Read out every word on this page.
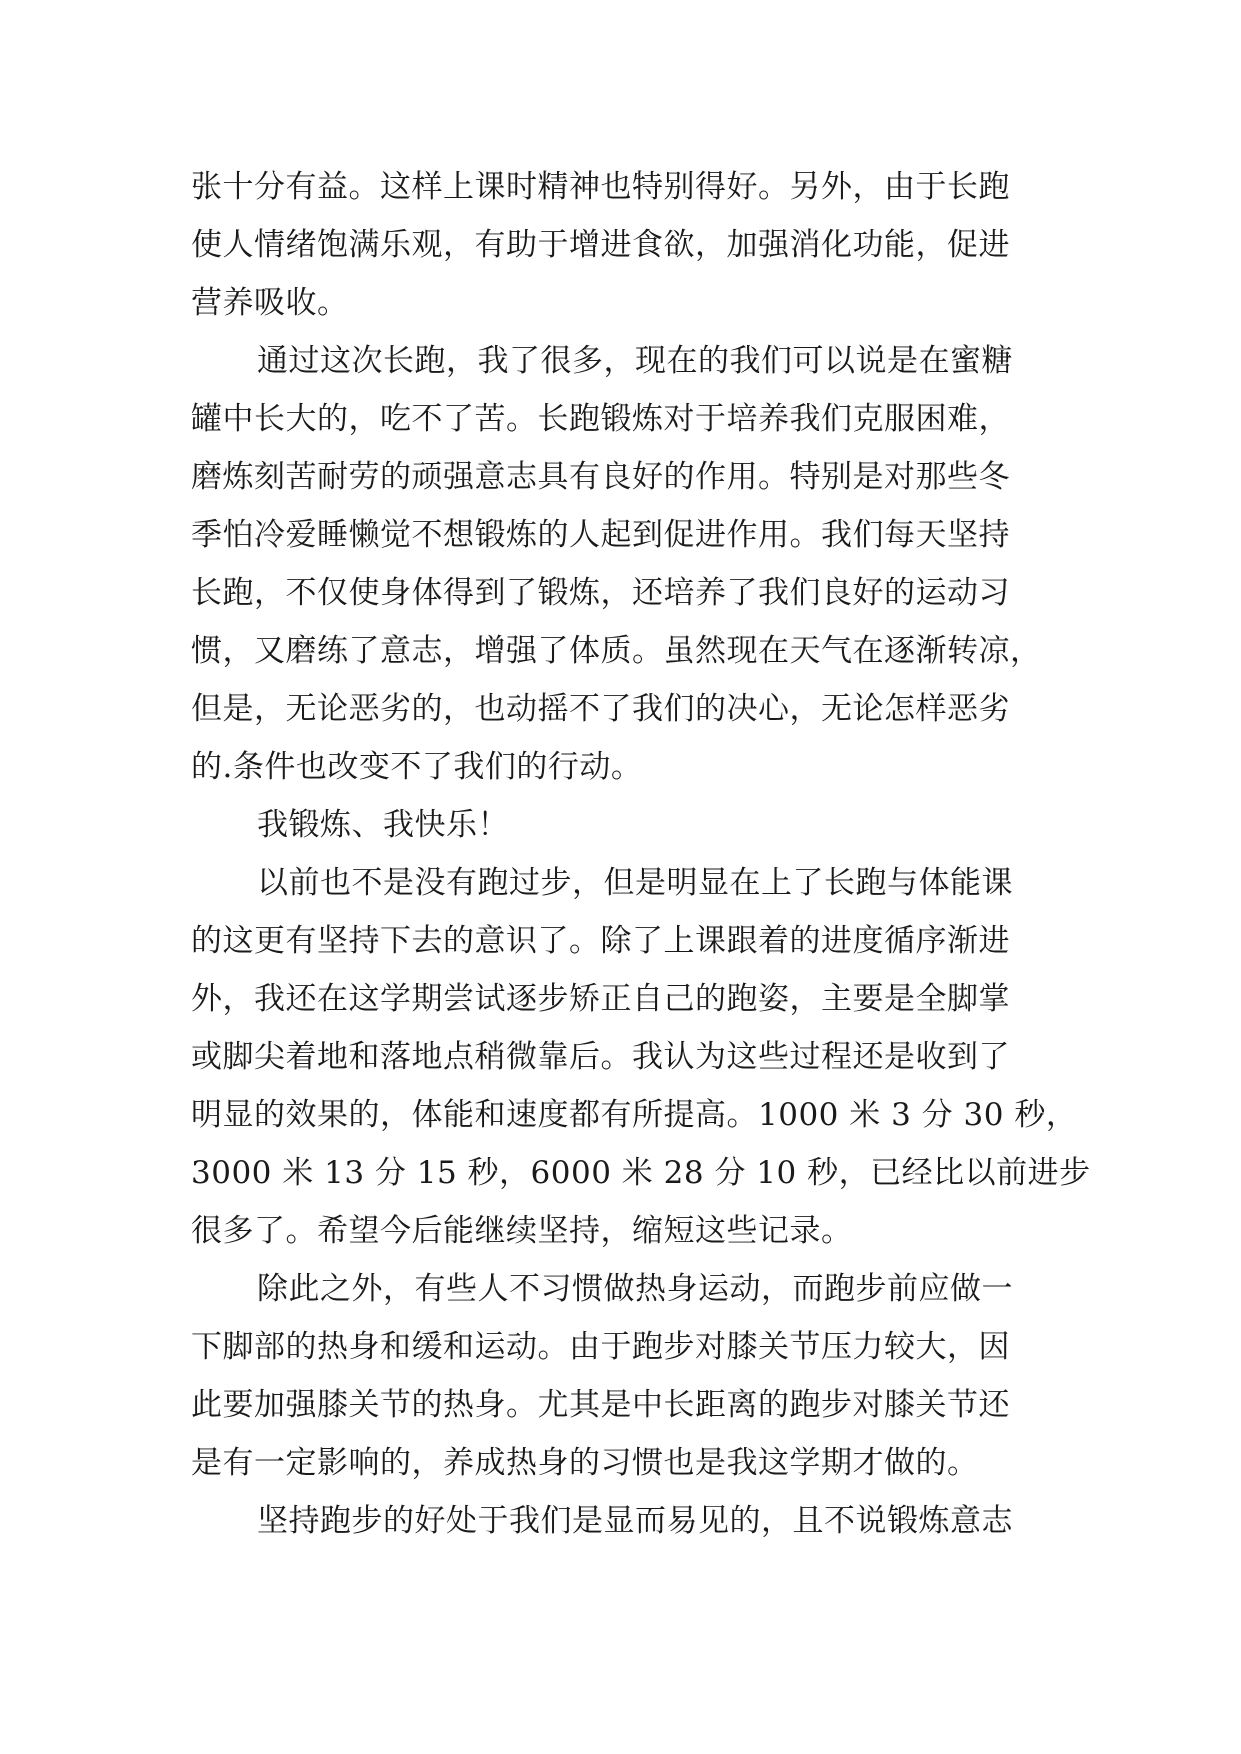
张十分有益。这样上课时精神也特别得好。另外，由于长跑
使人情绪饱满乐观，有助于增进食欲，加强消化功能，促进
营养吸收。
通过这次长跑，我了很多，现在的我们可以说是在蜜糖
罐中长大的，吃不了苦。长跑锻炼对于培养我们克服困难，
磨炼刻苦耐劳的顽强意志具有良好的作用。特别是对那些冬
季怕冷爱睡懒觉不想锻炼的人起到促进作用。我们每天坚持
长跑，不仅使身体得到了锻炼，还培养了我们良好的运动习
惯，又磨练了意志，增强了体质。虽然现在天气在逐渐转凉，
但是，无论恶劣的，也动摇不了我们的决心，无论怎样恶劣
的.条件也改变不了我们的行动。
我锻炼、我快乐！
以前也不是没有跑过步，但是明显在上了长跑与体能课
的这更有坚持下去的意识了。除了上课跟着的进度循序渐进
外，我还在这学期尝试逐步矫正自己的跑姿，主要是全脚掌
或脚尖着地和落地点稍微靠后。我认为这些过程还是收到了
明显的效果的，体能和速度都有所提高。1000 米 3 分 30 秒，
3000 米 13 分 15 秒，6000 米 28 分 10 秒，已经比以前进步
很多了。希望今后能继续坚持，缩短这些记录。
除此之外，有些人不习惯做热身运动，而跑步前应做一
下脚部的热身和缓和运动。由于跑步对膝关节压力较大，因
此要加强膝关节的热身。尤其是中长距离的跑步对膝关节还
是有一定影响的，养成热身的习惯也是我这学期才做的。
坚持跑步的好处于我们是显而易见的，且不说锻炼意志
